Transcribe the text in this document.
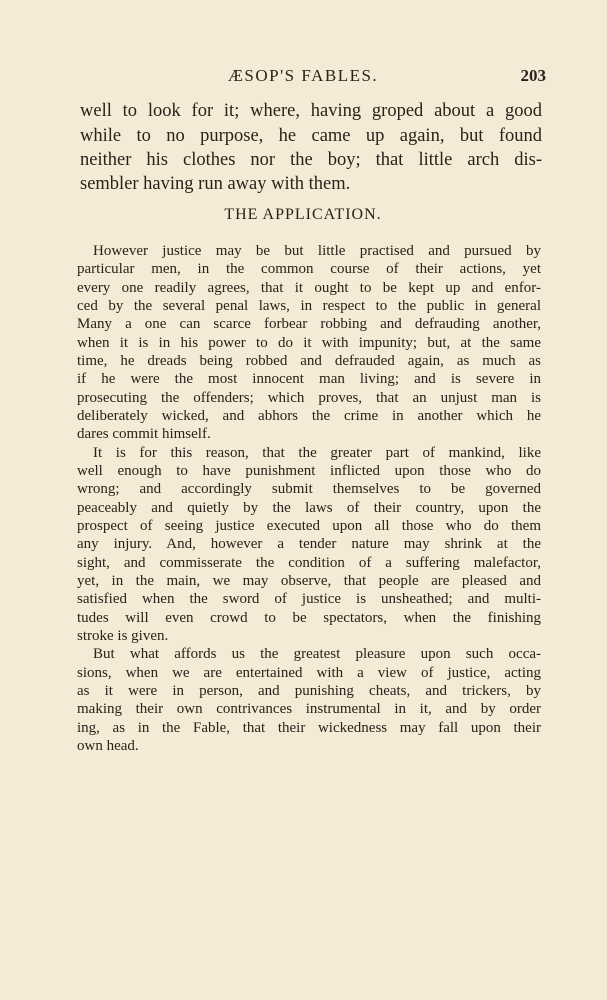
ÆSOP'S FABLES.	203
well to look for it; where, having groped about a good
while to no purpose, he came up again, but found
neither his clothes nor the boy; that little arch dis-
sembler having run away with them.
THE APPLICATION.
However justice may be but little practised and pursued by
particular men, in the common course of their actions, yet
every one readily agrees, that it ought to be kept up and enfor-
ced by the several penal laws, in respect to the public in general
Many a one can scarce forbear robbing and defrauding another,
when it is in his power to do it with impunity; but, at the same
time, he dreads being robbed and defrauded again, as much as
if he were the most innocent man living; and is severe in
prosecuting the offenders; which proves, that an unjust man is
deliberately wicked, and abhors the crime in another which he
dares commit himself.
It is for this reason, that the greater part of mankind, like
well enough to have punishment inflicted upon those who do
wrong; and accordingly submit themselves to be governed
peaceably and quietly by the laws of their country, upon the
prospect of seeing justice executed upon all those who do them
any injury. And, however a tender nature may shrink at the
sight, and commisserate the condition of a suffering malefactor,
yet, in the main, we may observe, that people are pleased and
satisfied when the sword of justice is unsheathed; and multi-
tudes will even crowd to be spectators, when the finishing
stroke is given.
But what affords us the greatest pleasure upon such occa-
sions, when we are entertained with a view of justice, acting
as it were in person, and punishing cheats, and trickers, by
making their own contrivances instrumental in it, and by order
ing, as in the Fable, that their wickedness may fall upon their
own head.
